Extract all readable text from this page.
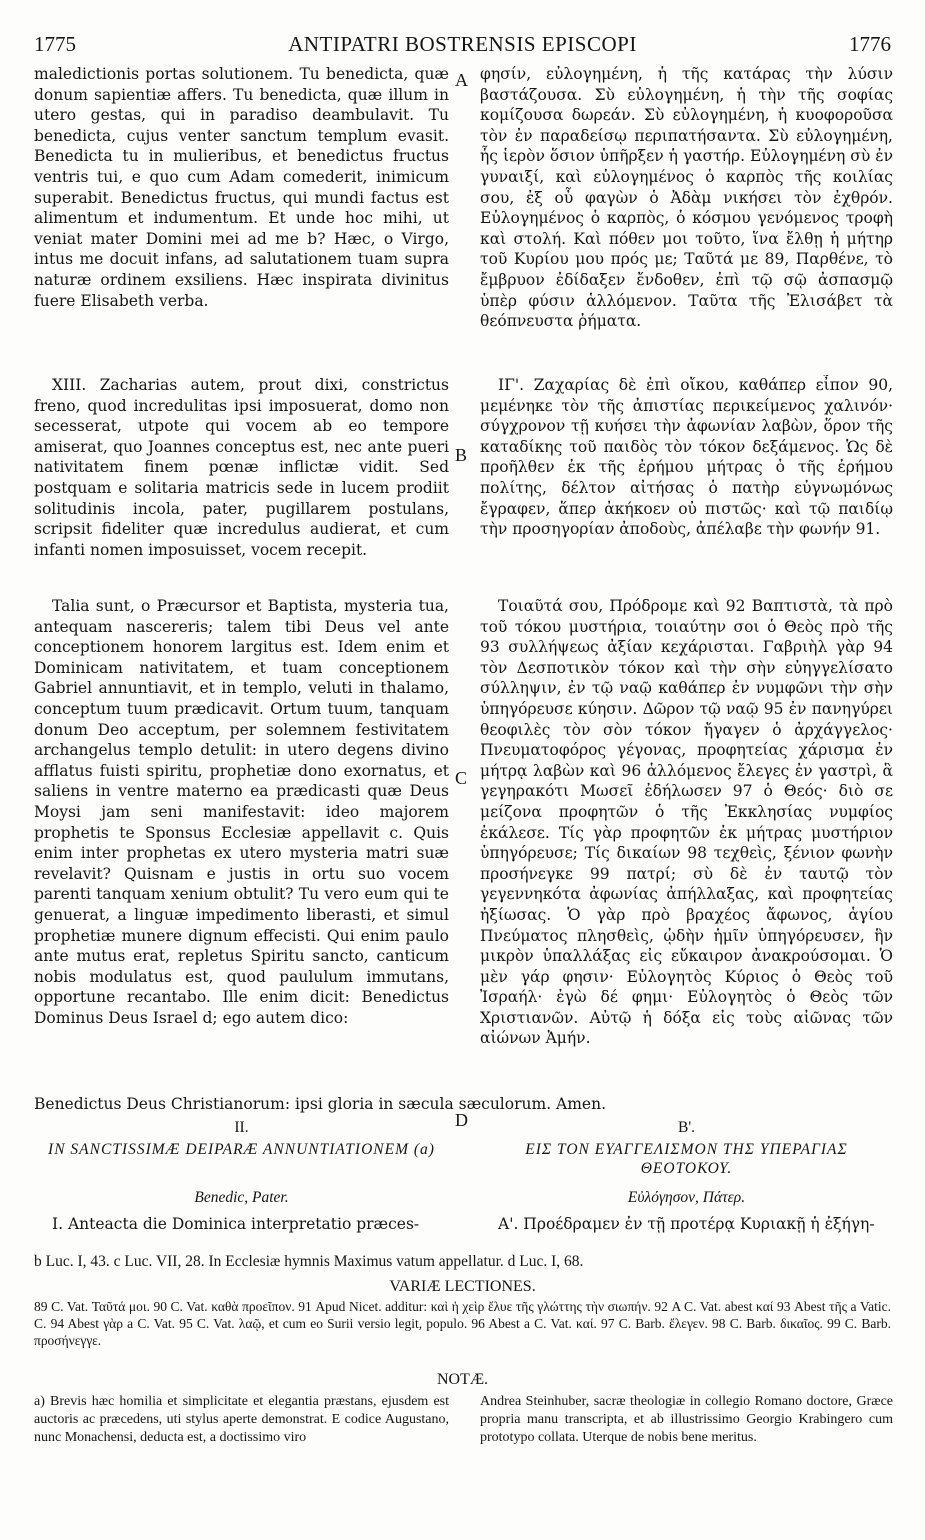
1775	ANTIPATRI BOSTRENSIS EPISCOPI	1776
A
B
C
D

maledictionis portas solutionem. Tu benedicta, quæ donum sapientiæ affers. Tu benedicta, quæ illum in utero gestas, qui in paradiso deambulavit. Tu benedicta, cujus venter sanctum templum evasit. Benedicta tu in mulieribus, et benedictus fructus ventris tui, e quo cum Adam comederit, inimicum superabit. Benedictus fructus, qui mundi factus est alimentum et indumentum. Et unde hoc mihi, ut veniat mater Domini mei ad me b? Hæc, o Virgo, intus me docuit infans, ad salutationem tuam supra naturæ ordinem exsiliens. Hæc inspirata divinitus fuere Elisabeth verba.

XIII. Zacharias autem, prout dixi, constrictus freno, quod incredulitas ipsi imposuerat, domo non secesserat, utpote qui vocem ab eo tempore amiserat, quo Joannes conceptus est, nec ante pueri nativitatem finem pœnæ inflictæ vidit. Sed postquam e solitaria matricis sede in lucem prodiit solitudinis incola, pater, pugillarem postulans, scripsit fideliter quæ incredulus audierat, et cum infanti nomen imposuisset, vocem recepit.

Talia sunt, o Præcursor et Baptista, mysteria tua, antequam nascereris; talem tibi Deus vel ante conceptionem honorem largitus est. Idem enim et Dominicam nativitatem, et tuam conceptionem Gabriel annuntiavit, et in templo, veluti in thalamo, conceptum tuum prædicavit. Ortum tuum, tanquam donum Deo acceptum, per solemnem festivitatem archangelus templo detulit: in utero degens divino afflatus fuisti spiritu, prophetiæ dono exornatus, et saliens in ventre materno ea prædicasti quæ Deus Moysi jam seni manifestavit: ideo majorem prophetis te Sponsus Ecclesiæ appellavit c. Quis enim inter prophetas ex utero mysteria matri suæ revelavit? Quisnam e justis in ortu suo vocem parenti tanquam xenium obtulit? Tu vero eum qui te genuerat, a linguæ impedimento liberasti, et simul prophetiæ munere dignum effecisti. Qui enim paulo ante mutus erat, repletus Spiritu sancto, canticum nobis modulatus est, quod paululum immutans, opportune recantabo. Ille enim dicit: Benedictus Dominus Deus Israel d; ego autem dico:

φησίν, εὐλογημένη, ἡ τῆς κατάρας τὴν λύσιν βαστάζουσα. Σὺ εὐλογημένη, ἡ τὴν τῆς σοφίας κομίζουσα δωρεάν. Σὺ εὐλογημένη, ἡ κυοφοροῦσα τὸν ἐν παραδείσῳ περιπατήσαντα. Σὺ εὐλογημένη, ἧς ἱερὸν ὅσιον ὑπῆρξεν ἡ γαστήρ. Εὐλογημένη σὺ ἐν γυναιξί, καὶ εὐλογημένος ὁ καρπὸς τῆς κοιλίας σου, ἐξ οὗ φαγὼν ὁ Ἀδὰμ νικήσει τὸν ἐχθρόν. Εὐλογημένος ὁ καρπὸς, ὁ κόσμου γενόμενος τροφὴ καὶ στολή. Καὶ πόθεν μοι τοῦτο, ἵνα ἔλθῃ ἡ μήτηρ τοῦ Κυρίου μου πρός με; Ταῦτά με 89, Παρθένε, τὸ ἔμβρυον ἐδίδαξεν ἔνδοθεν, ἐπὶ τῷ σῷ ἀσπασμῷ ὑπὲρ φύσιν ἁλλόμενον. Ταῦτα τῆς Ἐλισάβετ τὰ θεόπνευστα ῥήματα.

ΙΓ'. Ζαχαρίας δὲ ἐπὶ οἴκου, καθάπερ εἶπον 90, μεμένηκε τὸν τῆς ἀπιστίας περικείμενος χαλινόν· σύγχρονον τῇ κυήσει τὴν ἀφωνίαν λαβὼν, ὅρον τῆς καταδίκης τοῦ παιδὸς τὸν τόκον δεξάμενος. Ὡς δὲ προῆλθεν ἐκ τῆς ἐρήμου μήτρας ὁ τῆς ἐρήμου πολίτης, δέλτον αἰτήσας ὁ πατὴρ εὐγνωμόνως ἔγραφεν, ἅπερ ἀκήκοεν οὐ πιστῶς· καὶ τῷ παιδίῳ τὴν προσηγορίαν ἀποδοὺς, ἀπέλαβε τὴν φωνήν 91.

Τοιαῦτά σου, Πρόδρομε καὶ 92 Βαπτιστὰ, τὰ πρὸ τοῦ τόκου μυστήρια, τοιαύτην σοι ὁ Θεὸς πρὸ τῆς 93 συλλήψεως ἀξίαν κεχάρισται. Γαβριὴλ γὰρ 94 τὸν Δεσποτικὸν τόκον καὶ τὴν σὴν εὐηγγελίσατο σύλληψιν, ἐν τῷ ναῷ καθάπερ ἐν νυμφῶνι τὴν σὴν ὑπηγόρευσε κύησιν. Δῶρον τῷ ναῷ 95 ἐν πανηγύρει θεοφιλὲς τὸν σὸν τόκον ἤγαγεν ὁ ἀρχάγγελος· Πνευματοφόρος γέγονας, προφητείας χάρισμα ἐν μήτρᾳ λαβὼν καὶ 96 ἁλλόμενος ἔλεγες ἐν γαστρὶ, ἃ γεγηρακότι Μωσεῖ ἐδήλωσεν 97 ὁ Θεός· διὸ σε μείζονα προφητῶν ὁ τῆς Ἐκκλησίας νυμφίος ἐκάλεσε. Τίς γὰρ προφητῶν ἐκ μήτρας μυστήριον ὑπηγόρευσε; Τίς δικαίων 98 τεχθεὶς, ξένιον φωνὴν προσήνεγκε 99 πατρί; σὺ δὲ ἐν ταυτῷ τὸν γεγεννηκότα ἀφωνίας ἀπήλλαξας, καὶ προφητείας ἠξίωσας. Ὁ γὰρ πρὸ βραχέος ἄφωνος, ἁγίου Πνεύματος πλησθεὶς, ᾠδὴν ἡμῖν ὑπηγόρευσεν, ἣν μικρὸν ὑπαλλάξας εἰς εὔκαιρον ἀνακρούσομαι. Ὁ μὲν γάρ φησιν· Εὐλογητὸς Κύριος ὁ Θεὸς τοῦ Ἰσραήλ· ἐγὼ δέ φημι· Εὐλογητὸς ὁ Θεὸς τῶν Χριστιανῶν. Αὐτῷ ἡ δόξα εἰς τοὺς αἰῶνας τῶν αἰώνων Ἀμήν.

Benedictus Deus Christianorum: ipsi gloria in sæcula sæculorum. Amen.

II.	Β'.
IN SANCTISSIMÆ DEIPARÆ ANNUNTIATIONEM (a)	ΕΙΣ ΤΟΝ ΕΥΑΓΓΕΛΙΣΜΟΝ ΤΗΣ ΥΠΕΡΑΓΙΑΣ ΘΕΟΤΟΚΟΥ.
Benedic, Pater.	Εὐλόγησον, Πάτερ.

I. Anteacta die Dominica interpretatio præces-	Α'. Προέδραμεν ἐν τῇ προτέρᾳ Κυριακῇ ἡ ἐξήγη-

b Luc. I, 43. c Luc. VII, 28. In Ecclesiæ hymnis Maximus vatum appellatur. d Luc. I, 68.
VARIÆ LECTIONES.
89 C. Vat. Ταῦτά μοι. 90 C. Vat. καθὰ προεῖπον. 91 Apud Nicet. additur: καὶ ἡ χεὶρ ἔλυε τῆς γλώττης τὴν σιωπήν. 92 A C. Vat. abest καί 93 Abest τῆς a Vatic. C. 94 Abest γὰρ a C. Vat. 95 C. Vat. λαῷ, et cum eo Surii versio legit, populo. 96 Abest a C. Vat. καί. 97 C. Barb. ἔλεγεν. 98 C. Barb. δικαῖος. 99 C. Barb. προσήνεγγε.
NOTÆ.
a) Brevis hæc homilia et simplicitate et elegantia præstans, ejusdem est auctoris ac præcedens, uti stylus aperte demonstrat. E codice Augustano, nunc Monachensi, deducta est, a doctissimo viro
Andrea Steinhuber, sacræ theologiæ in collegio Romano doctore, Græce propria manu transcripta, et ab illustrissimo Georgio Krabingero cum prototypo collata. Uterque de nobis bene meritus.
